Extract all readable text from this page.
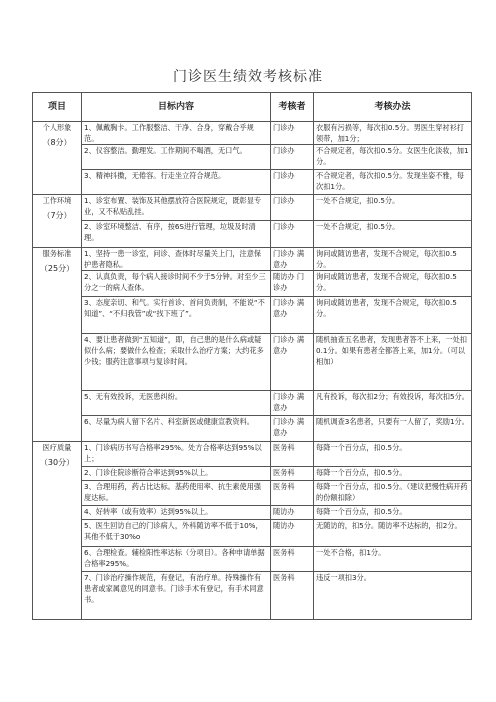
门诊医生绩效考核标准
项目	目标内容	考核者	考核办法

个人形象
（8分）	1、佩戴胸卡。工作服整洁、干净、合身，穿戴合乎规范。	门诊办	衣服有污损等，每次扣0.5分。男医生穿衬衫打领带，加1分；
	2、仪容整洁。勤理发。工作期间不喝酒，无口气。	门诊办	不合规定者，每次扣0.5分。女医生化淡妆，加1分。
	3、精神抖擞，无倦容。行走坐立符合规范。	门诊办	不合规定者，每次扣0.5分。发现坐姿不雅，每次扣1分。

工作环境
（7分）	1、诊室布置、装饰及其他摆放符合医院规定，既彰显专业，又不私贴乱挂。	门诊办	一处不合规定，扣0.5分。
	2、诊室环境整洁、有序，按6S进行管理，垃圾及时清理。	门诊办	一处不合规定，扣0.5分。

服务标准
（25分）	1、坚持一患一诊室，问诊、查体时尽量关上门，注意保护患者隐私。	门诊办 满意办	询问或随访患者，发现不合规定，每次扣0.5分。
	2、认真负责，每个病人接诊时间不少于5分钟。对至少三分之一的病人查体。	随访办 门诊办	询问或随访患者，发现不合规定，每次扣0.5分。
	3、态度亲切、和气。实行首诊、首问负责制，不能说“不知道”、“不归我管”或“找下班了”。	门诊办 满意办	询问或随访患者，发现不合规定，每次扣0.5分。
	4、要让患者做到“五知道”，即，自己患的是什么病或疑似什么病；要做什么检查；采取什么治疗方案；大约花多少钱；服药注意事项与复诊时间。	门诊办 满意办	随机抽查五名患者，发现患者答不上来，一处扣0.1分。如果有患者全都答上来，加1分。（可以相加）
	5、无有效投诉，无医患纠纷。	门诊办 满意办	凡有投诉，每次扣2分；有效投诉，每次扣5分。
	6、尽量为病人留下名片、科室新医或健康宣教资料。	门诊办 满意办	随机调查3名患者，只要有一人留了，奖励1分。

医疗质量
（30分）	1、门诊病历书写合格率295%。处方合格率达到95%以上；	医务科	每降一个百分点，扣0.5分。
	2、门诊住院诊断符合率达到95%以上。	医务科	每降一个百分点，扣0.5分。
	3、合理用药，药占比达标。基药使用率、抗生素使用强度达标。	医务科	每降一个百分点，扣0.5分。（建议把慢性病开药的份额扣除）
	4、好转率（或有效率）达到95%以上。	随访办	每降一个百分点，扣0.5分。
	5、医生回访自己的门诊病人，外科随访率不低于10%，其他不低于30%o	随访办	无随访的，扣5分。随访率不达标的，扣2分。
	6、合理检查。辅检阳性率达标（分项目）。各种申请单据合格率295%。	医务科	一处不合格，扣1分。
	7、门诊治疗操作规范，有登记，有治疗单。持殊操作有患者或家属意见的同意书。门诊手术有登记，有手术同意书。	医务科	违反一项扣3分。
